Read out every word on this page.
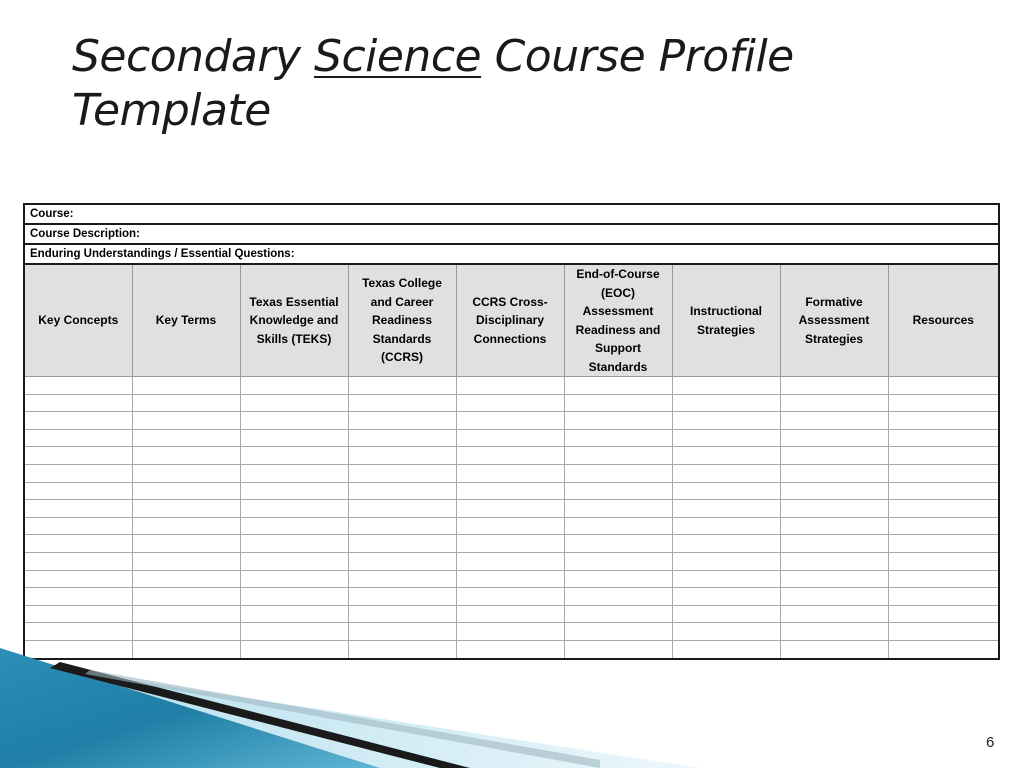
Secondary Science Course Profile Template
Course:								
Course Description:								
Enduring Understandings / Essential Questions:								
Key Concepts	Key Terms	Texas Essential Knowledge and Skills (TEKS)	Texas College and Career Readiness Standards (CCRS)	CCRS Cross-Disciplinary Connections	End-of-Course (EOC) Assessment Readiness and Support Standards	Instructional Strategies	Formative Assessment Strategies	Resources

6
